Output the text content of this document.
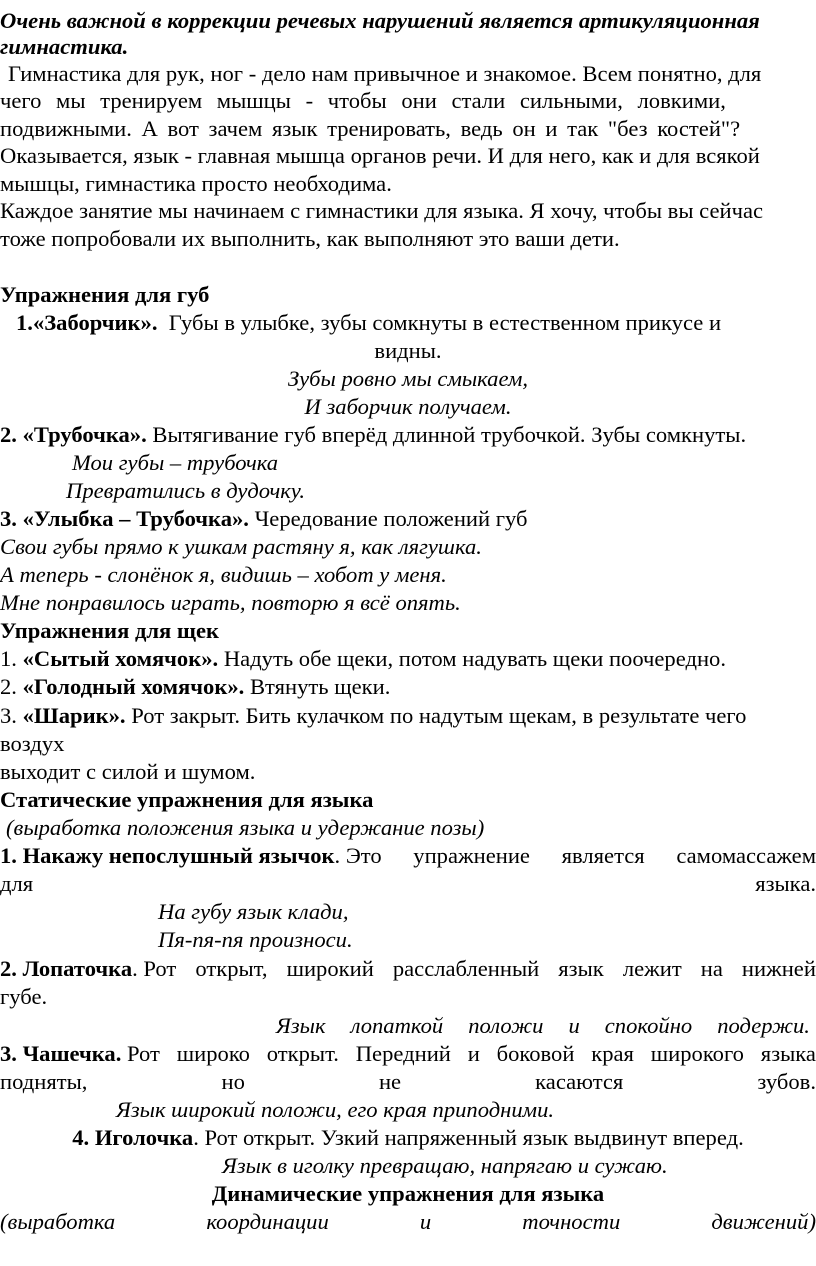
Очень важной в коррекции речевых нарушений является артикуляционная
гимнастика.
Гимнастика для рук, ног - дело нам привычное и знакомое. Всем понятно, для
чего мы тренируем мышцы - чтобы они стали сильными, ловкими,
подвижными. А вот зачем язык тренировать, ведь он и так "без костей"?
Оказывается, язык - главная мышца органов речи. И для него, как и для всякой
мышцы, гимнастика просто необходима.
Каждое занятие мы начинаем с гимнастики для языка. Я хочу, чтобы вы сейчас
тоже попробовали их выполнить, как выполняют это ваши дети.
Упражнения для губ
1.«Заборчик». Губы в улыбке, зубы сомкнуты в естественном прикусе и
видны.
Зубы ровно мы смыкаем,
И заборчик получаем.
2. «Трубочка». Вытягивание губ вперёд длинной трубочкой. Зубы сомкнуты.
Мои губы – трубочка
Превратились в дудочку.
3. «Улыбка – Трубочка». Чередование положений губ
Свои губы прямо к ушкам растяну я, как лягушка.
А теперь - слонёнок я, видишь – хобот у меня.
Мне понравилось играть, повторю я всё опять.
Упражнения для щек
1. «Сытый хомячок». Надуть обе щеки, потом надувать щеки поочередно.
2. «Голодный хомячок». Втянуть щеки.
3. «Шарик». Рот закрыт. Бить кулачком по надутым щекам, в результате чего
воздух
выходит с силой и шумом.
Статические упражнения для языка
(выработка положения языка и удержание позы)
1. Накажу непослушный язычок. Это упражнение является самомассажем
для	языка.
На губу язык клади,
Пя-пя-пя произноси.
2. Лопаточка. Рот открыт, широкий расслабленный язык лежит на нижней
губе.
Язык лопаткой положи и спокойно подержи.
3. Чашечка. Рот широко открыт. Передний и боковой края широкого языка
подняты,	но	не	касаются	зубов.
Язык широкий положи, его края приподними.
4. Иголочка. Рот открыт. Узкий напряженный язык выдвинут вперед.
Язык в иголку превращаю, напрягаю и сужаю.
Динамические упражнения для языка
(выработка	координации	и	точности	движений)
